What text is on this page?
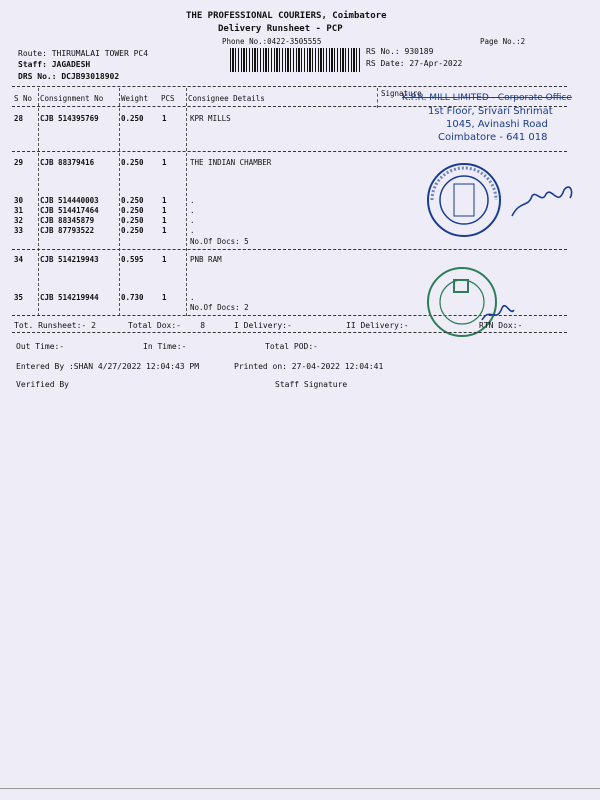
THE PROFESSIONAL COURIERS, Coimbatore
Delivery Runsheet - PCP
Phone No.:0422-3505555	Page No.:2
Route: THIRUMALAI TOWER PC4
Staff: JAGADESH
DRS No.: DCJB93018902
RS No.: 930189
RS Date: 27-Apr-2022
S No Consignment No Weight PCS Consignee Details
Signature
28 CJB 514395769	0.250 1	KPR MILLS
29 CJB 88379416	0.250 1	THE INDIAN CHAMBER
30 CJB 514440003	0.250 1	.
31 CJB 514417464	0.250 1	.
32 CJB 88345879	0.250 1	.
33 CJB 87793522	0.250 1	.
No.Of Docs: 5
34 CJB 514219943	0.595 1	PNB RAM
35 CJB 514219944	0.730 1	.
No.Of Docs: 2
K.P.R. MILL LIMITED - Corporate Office
1st Floor, Srivari Shrimat
1045, Avinashi Road
Coimbatore - 641 018
Tot. Runsheet:- 2	Total Dox:-    8	I Delivery:-	II Delivery:-	RTN Dox:-
Out Time:-	In Time:-	Total POD:-
Entered By :SHAN 4/27/2022 12:04:43 PM	Printed on: 27-04-2022 12:04:41
Verified By	Staff Signature
